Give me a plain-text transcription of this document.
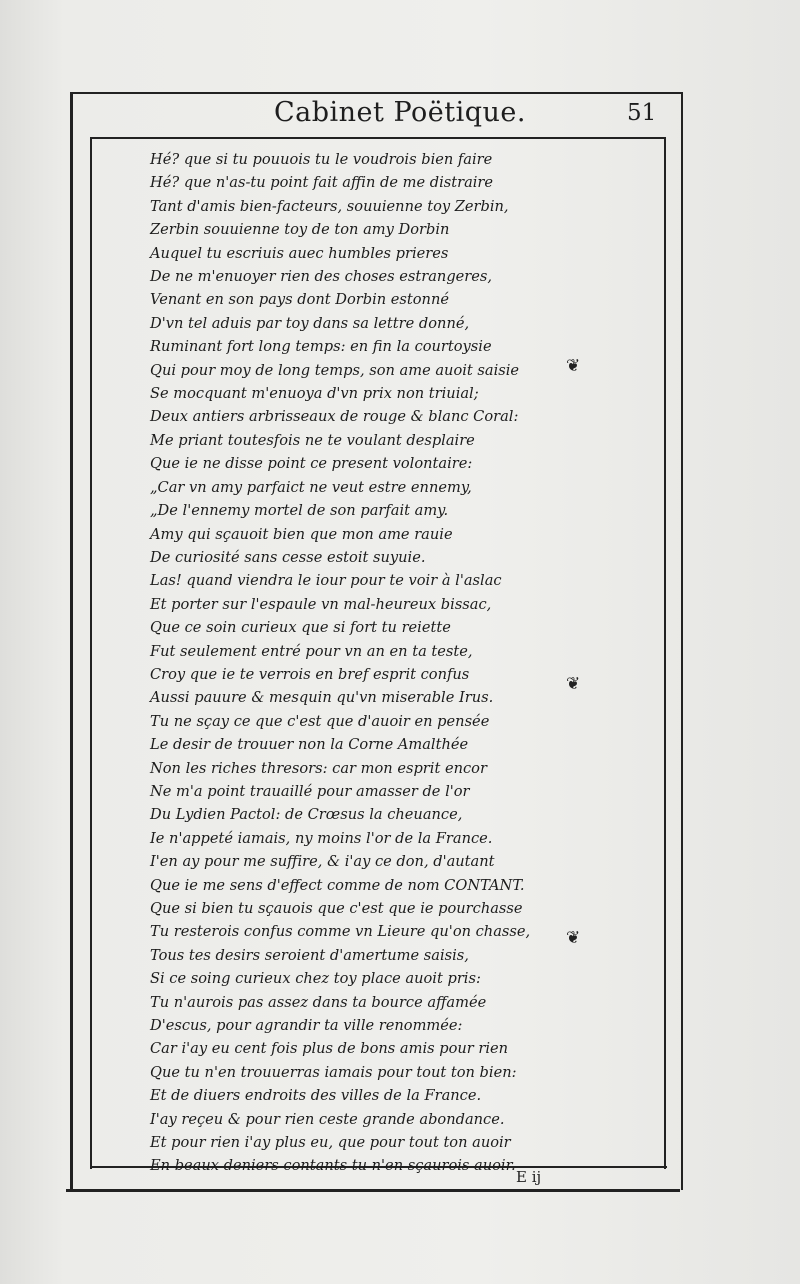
Cabinet Poëtique.	51
Hé? que si tu pouuois tu le voudrois bien faire
Hé? que n'as-tu point fait affin de me distraire
Tant d'amis bien-facteurs, souuienne toy Zerbin,
Zerbin souuienne toy de ton amy Dorbin
Auquel tu escriuis auec humbles prieres
De ne m'enuoyer rien des choses estrangeres,
Venant en son pays dont Dorbin estonné
D'vn tel aduis par toy dans sa lettre donné,
Ruminant fort long temps: en fin la courtoysie
Qui pour moy de long temps, son ame auoit saisie
Se mocquant m'enuoya d'vn prix non triuial;
Deux antiers arbrisseaux de rouge & blanc Coral:
Me priant toutesfois ne te voulant desplaire
Que ie ne disse point ce present volontaire:
„Car vn amy parfaict ne veut estre ennemy,
„De l'ennemy mortel de son parfait amy.
Amy qui sçauoit bien que mon ame rauie
De curiosité sans cesse estoit suyuie.
Las! quand viendra le iour pour te voir à l'aslac
Et porter sur l'espaule vn mal-heureux bissac,
Que ce soin curieux que si fort tu reiette
Fut seulement entré pour vn an en ta teste,
Croy que ie te verrois en bref esprit confus
Aussi pauure & mesquin qu'vn miserable Irus.
Tu ne sçay ce que c'est que d'auoir en pensée
Le desir de trouuer non la Corne Amalthée
Non les riches thresors: car mon esprit encor
Ne m'a point trauaillé pour amasser de l'or
Du Lydien Pactol: de Crœsus la cheuance,
Ie n'appeté iamais, ny moins l'or de la France.
I'en ay pour me suffire, & i'ay ce don, d'autant
Que ie me sens d'effect comme de nom CONTANT.
Que si bien tu sçauois que c'est que ie pourchasse
Tu resterois confus comme vn Lieure qu'on chasse,
Tous tes desirs seroient d'amertume saisis,
Si ce soing curieux chez toy place auoit pris:
Tu n'aurois pas assez dans ta bource affamée
D'escus, pour agrandir ta ville renommée:
Car i'ay eu cent fois plus de bons amis pour rien
Que tu n'en trouuerras iamais pour tout ton bien:
Et de diuers endroits des villes de la France.
I'ay reçeu & pour rien ceste grande abondance.
Et pour rien i'ay plus eu, que pour tout ton auoir
En beaux deniers contants tu n'en sçaurois auoir.
❦
❦
❦
E ij
